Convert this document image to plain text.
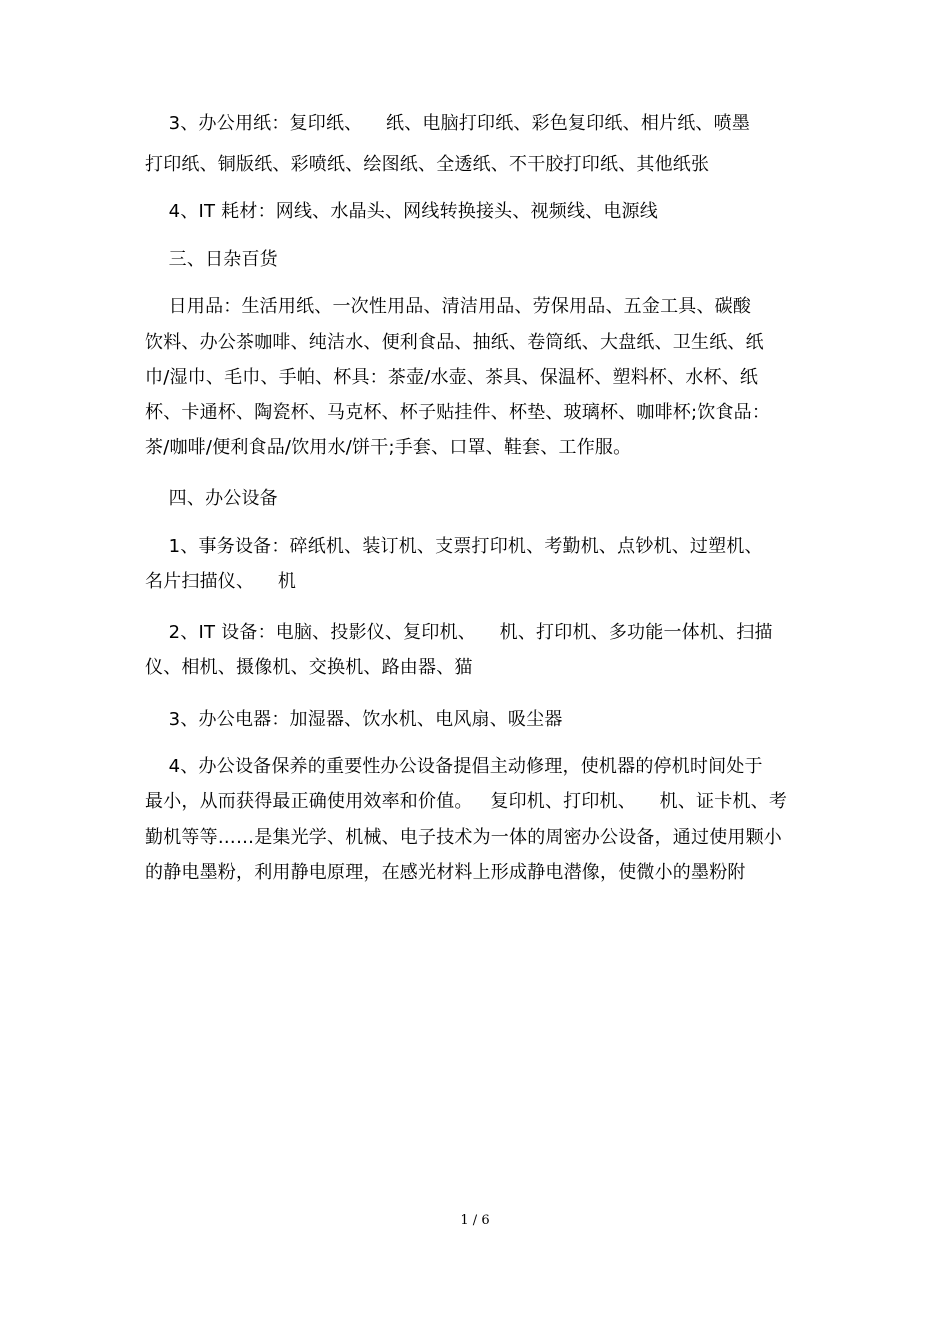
3、办公用纸：复印纸、    纸、电脑打印纸、彩色复印纸、相片纸、喷墨
打印纸、铜版纸、彩喷纸、绘图纸、全透纸、不干胶打印纸、其他纸张
4、IT 耗材：网线、水晶头、网线转换接头、视频线、电源线
三、日杂百货
日用品：生活用纸、一次性用品、清洁用品、劳保用品、五金工具、碳酸
饮料、办公茶咖啡、纯洁水、便利食品、抽纸、卷筒纸、大盘纸、卫生纸、纸
巾/湿巾、毛巾、手帕、杯具：茶壶/水壶、茶具、保温杯、塑料杯、水杯、纸
杯、卡通杯、陶瓷杯、马克杯、杯子贴挂件、杯垫、玻璃杯、咖啡杯;饮食品：
茶/咖啡/便利食品/饮用水/饼干;手套、口罩、鞋套、工作服。
四、办公设备
1、事务设备：碎纸机、装订机、支票打印机、考勤机、点钞机、过塑机、
名片扫描仪、    机
2、IT 设备：电脑、投影仪、复印机、    机、打印机、多功能一体机、扫描
仪、相机、摄像机、交换机、路由器、猫
3、办公电器：加湿器、饮水机、电风扇、吸尘器
4、办公设备保养的重要性办公设备提倡主动修理，使机器的停机时间处于
最小，从而获得最正确使用效率和价值。   复印机、打印机、    机、证卡机、考
勤机等等……是集光学、机械、电子技术为一体的周密办公设备，通过使用颗小
的静电墨粉，利用静电原理，在感光材料上形成静电潜像，使微小的墨粉附
1 / 6
